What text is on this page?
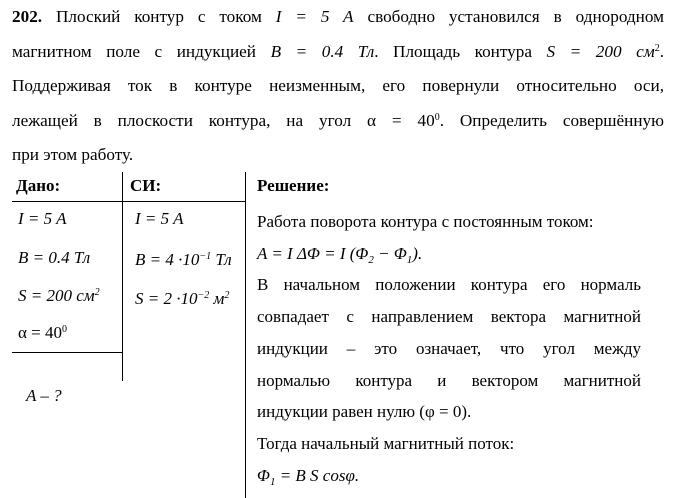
202. Плоский контур с током I = 5 A свободно установился в однородном
магнитном поле с индукцией B = 0.4 Тл. Площадь контура S = 200 $см^2$.
Поддерживая ток в контуре неизменным, его повернули относительно оси,
лежащей в плоскости контура, на угол $\alpha = 40^0$. Определить совершённую
при этом работу.
Дано:	СИ:	Решение:
I = 5 A
B = 0.4 Тл
S = 200 $см^2$
$\alpha = 40^0$
A – ?
I = 5 A
$B = 4 \cdot 10^{-1}$ Тл
$S = 2 \cdot 10^{-2}$ $м^2$
Работа поворота контура с постоянным током:
A = I ΔΦ = I $(\Phi_2 - \Phi_1)$.
В начальном положении контура его нормаль
совпадает с направлением вектора магнитной
индукции – это означает, что угол между
нормалью контура и вектором магнитной
индукции равен нулю (φ = 0).
Тогда начальный магнитный поток:
$\Phi_1 = B$ S cosφ.
